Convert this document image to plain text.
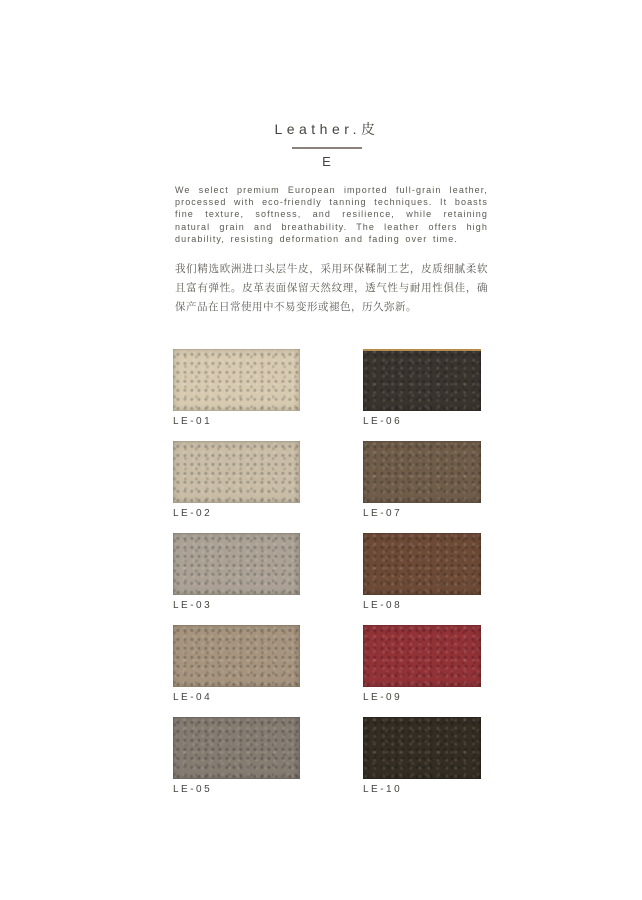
Leather.皮
E

We select premium European imported full-grain leather, processed with eco-friendly tanning techniques. It boasts fine texture, softness, and resilience, while retaining natural grain and breathability. The leather offers high durability, resisting deformation and fading over time.

我们精选欧洲进口头层牛皮，采用环保鞣制工艺，皮质细腻柔软且富有弹性。皮革表面保留天然纹理，透气性与耐用性俱佳，确保产品在日常使用中不易变形或褪色，历久弥新。

LE-01
LE-02
LE-03
LE-04
LE-05
LE-06
LE-07
LE-08
LE-09
LE-10
